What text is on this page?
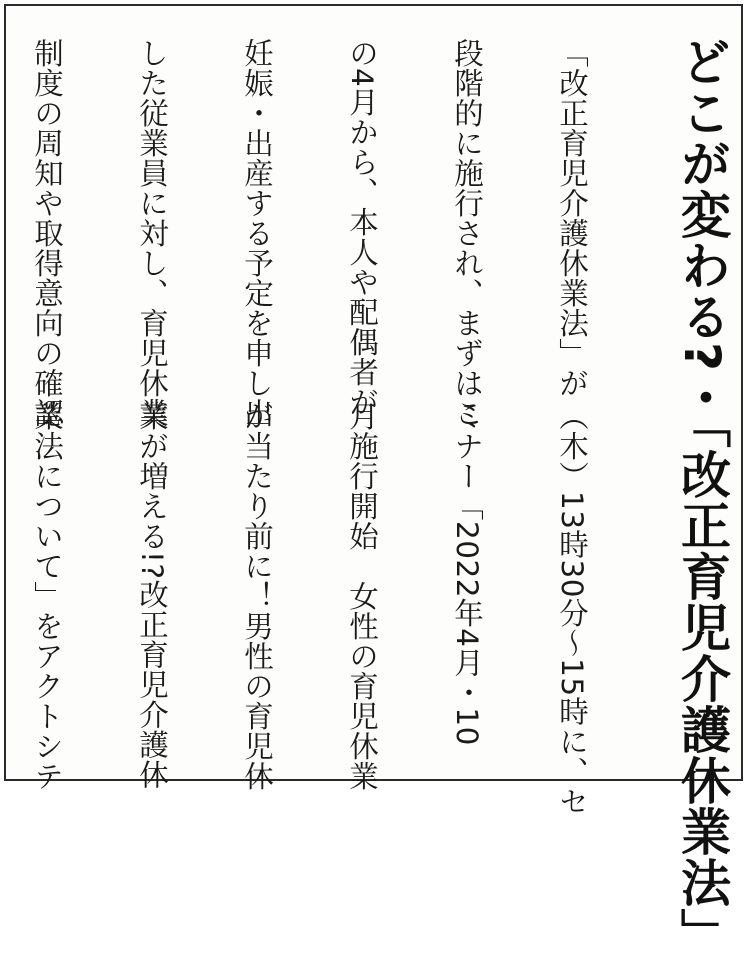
どこが変わる?・「改正育児介護休業法」

「改正育児介護休業法」が

段階的に施行され、まずはこ

の4月から、本人や配偶者が

妊娠・出産する予定を申し出

した従業員に対し、育児休業

制度の周知や取得意向の確認

（木）13時30分〜15時に、セ

ミナー「2022年4月・10

月施行開始　女性の育児休業

が当たり前に！男性の育児休

業が増える!?改正育児介護休

業法について」をアクトシテ
